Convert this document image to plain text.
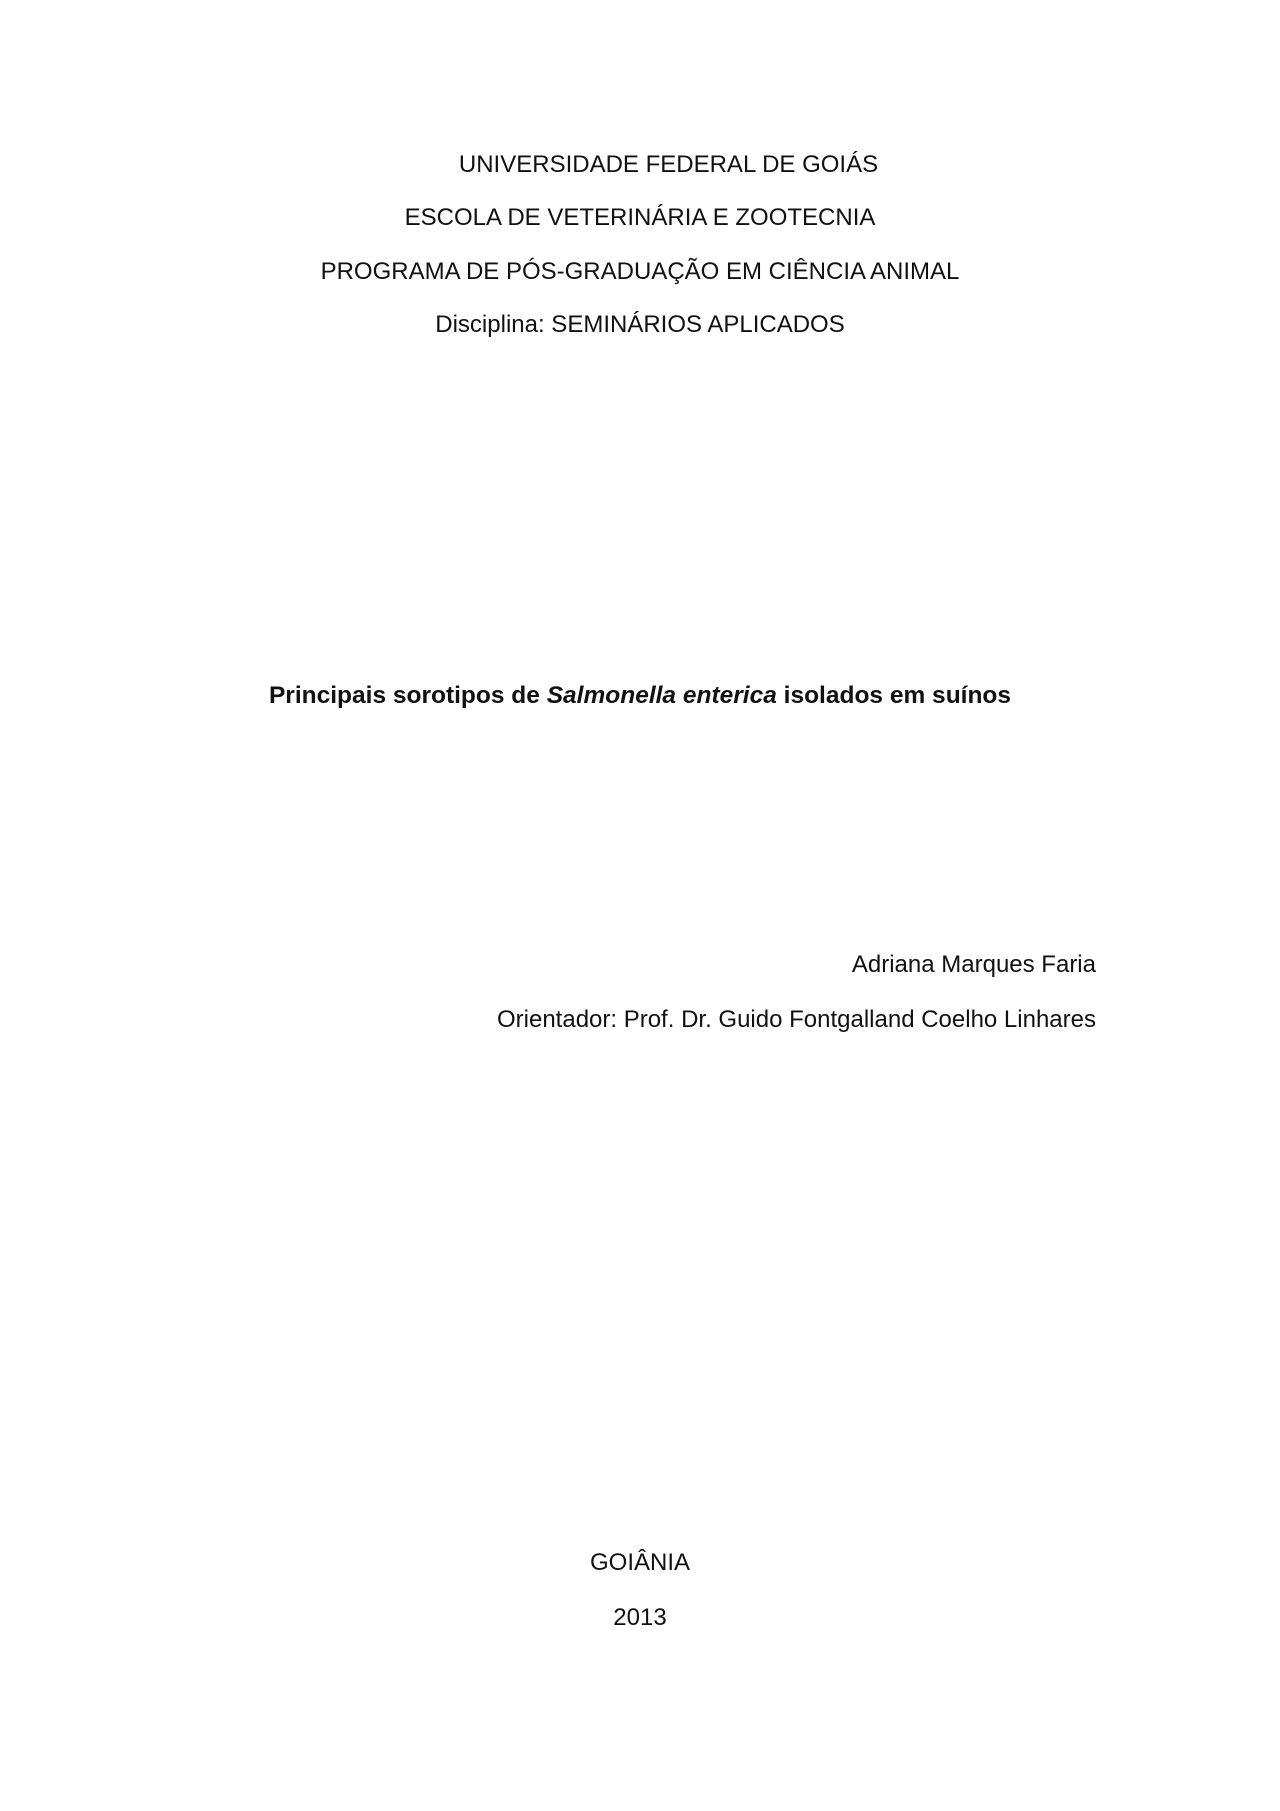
UNIVERSIDADE FEDERAL DE GOIÁS
ESCOLA DE VETERINÁRIA E ZOOTECNIA
PROGRAMA DE PÓS-GRADUAÇÃO EM CIÊNCIA ANIMAL
Disciplina: SEMINÁRIOS APLICADOS
Principais sorotipos de Salmonella enterica isolados em suínos
Adriana Marques Faria
Orientador: Prof. Dr. Guido Fontgalland Coelho Linhares
GOIÂNIA
2013
